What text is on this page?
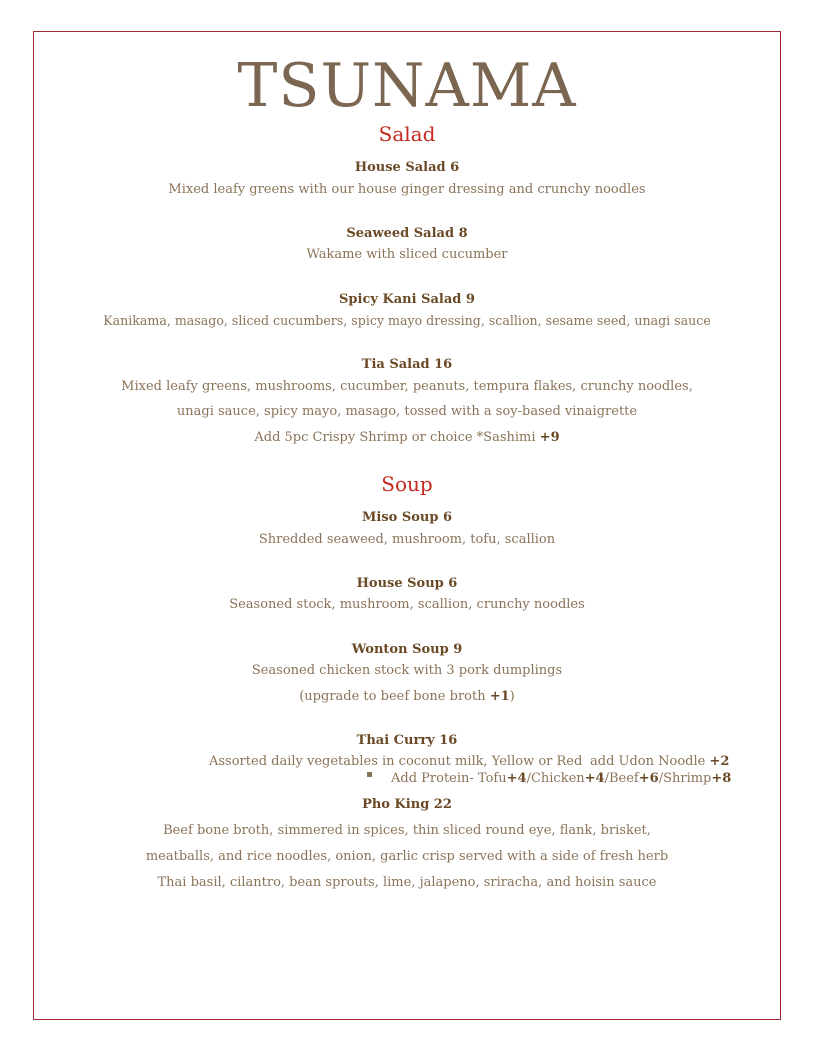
TSUNAMA
Salad
House Salad 6
Mixed leafy greens with our house ginger dressing and crunchy noodles
Seaweed Salad 8
Wakame with sliced cucumber
Spicy Kani Salad 9
Kanikama, masago, sliced cucumbers, spicy mayo dressing, scallion, sesame seed, unagi sauce
Tia Salad 16
Mixed leafy greens, mushrooms, cucumber, peanuts, tempura flakes, crunchy noodles,
unagi sauce, spicy mayo, masago, tossed with a soy-based vinaigrette
Add 5pc Crispy Shrimp or choice *Sashimi +9
Soup
Miso Soup 6
Shredded seaweed, mushroom, tofu, scallion
House Soup 6
Seasoned stock, mushroom, scallion, crunchy noodles
Wonton Soup 9
Seasoned chicken stock with 3 pork dumplings
(upgrade to beef bone broth +1)
Thai Curry 16
Assorted daily vegetables in coconut milk, Yellow or Red add Udon Noodle +2
Add Protein- Tofu+4/Chicken+4/Beef+6/Shrimp+8
Pho King 22
Beef bone broth, simmered in spices, thin sliced round eye, flank, brisket,
meatballs, and rice noodles, onion, garlic crisp served with a side of fresh herb
Thai basil, cilantro, bean sprouts, lime, jalapeno, sriracha, and hoisin sauce
